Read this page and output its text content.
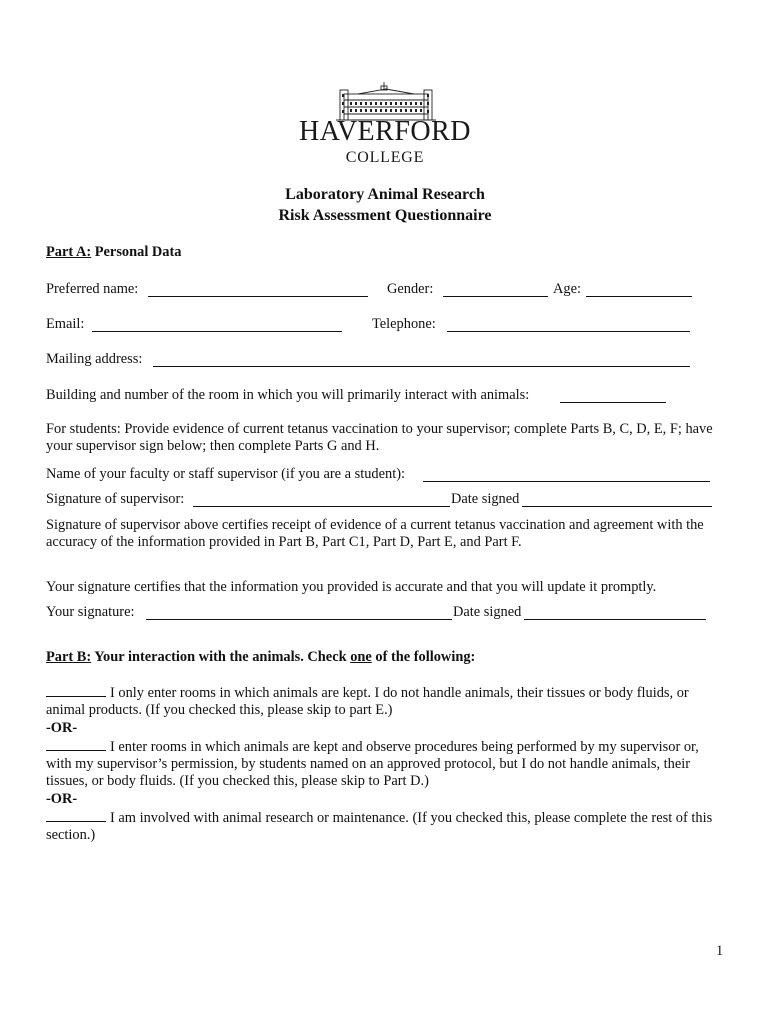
HAVERFORD
COLLEGE
Laboratory Animal Research
Risk Assessment Questionnaire
Part A: Personal Data
Preferred name:	Gender:	Age:
Email:	Telephone:
Mailing address:
Building and number of the room in which you will primarily interact with animals:
For students: Provide evidence of current tetanus vaccination to your supervisor; complete Parts B, C, D, E, F; have your supervisor sign below; then complete Parts G and H.
Name of your faculty or staff supervisor (if you are a student):
Signature of supervisor:	Date signed
Signature of supervisor above certifies receipt of evidence of a current tetanus vaccination and agreement with the accuracy of the information provided in Part B, Part C1, Part D, Part E, and Part F.
Your signature certifies that the information you provided is accurate and that you will update it promptly.
Your signature:	Date signed
Part B: Your interaction with the animals. Check one of the following:
I only enter rooms in which animals are kept. I do not handle animals, their tissues or body fluids, or animal products. (If you checked this, please skip to part E.)
-OR-
I enter rooms in which animals are kept and observe procedures being performed by my supervisor or, with my supervisor’s permission, by students named on an approved protocol, but I do not handle animals, their tissues, or body fluids. (If you checked this, please skip to Part D.)
-OR-
I am involved with animal research or maintenance. (If you checked this, please complete the rest of this section.)
1
